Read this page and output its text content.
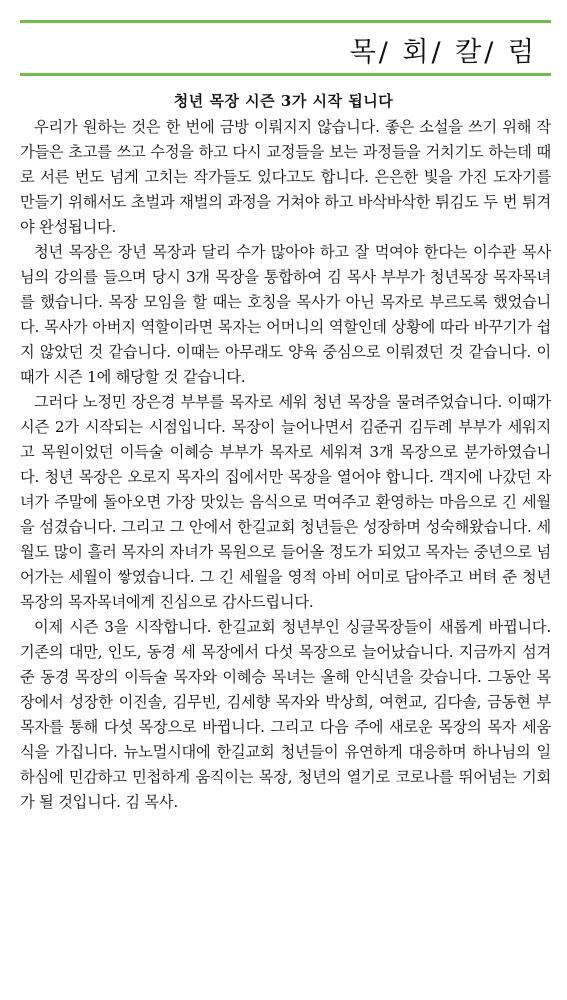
목/ 회/ 칼/ 럼
청년 목장 시즌 3가 시작 됩니다

우리가 원하는 것은 한 번에 금방 이뤄지지 않습니다. 좋은 소설을 쓰기 위해 작가들은 초고를 쓰고 수정을 하고 다시 교정들을 보는 과정들을 거치기도 하는데 때로 서른 번도 넘게 고치는 작가들도 있다고도 합니다. 은은한 빛을 가진 도자기를 만들기 위해서도 초벌과 재벌의 과정을 거쳐야 하고 바삭바삭한 튀김도 두 번 튀겨야 완성됩니다.

청년 목장은 장년 목장과 달리 수가 많아야 하고 잘 먹여야 한다는 이수관 목사님의 강의를 들으며 당시 3개 목장을 통합하여 김 목사 부부가 청년목장 목자목녀를 했습니다. 목장 모임을 할 때는 호칭을 목사가 아닌 목자로 부르도록 했었습니다. 목사가 아버지 역할이라면 목자는 어머니의 역할인데 상황에 따라 바꾸기가 쉽지 않았던 것 같습니다. 이때는 아무래도 양육 중심으로 이뤄졌던 것 같습니다. 이때가 시즌 1에 해당할 것 같습니다.

그러다 노정민 장은경 부부를 목자로 세워 청년 목장을 물려주었습니다. 이때가 시즌 2가 시작되는 시점입니다. 목장이 늘어나면서 김준귀 김두례 부부가 세워지고 목원이었던 이득술 이혜승 부부가 목자로 세워져 3개 목장으로 분가하였습니다. 청년 목장은 오로지 목자의 집에서만 목장을 열어야 합니다. 객지에 나갔던 자녀가 주말에 돌아오면 가장 맛있는 음식으로 먹여주고 환영하는 마음으로 긴 세월을 섬겼습니다. 그리고 그 안에서 한길교회 청년들은 성장하며 성숙해왔습니다. 세월도 많이 흘러 목자의 자녀가 목원으로 들어올 정도가 되었고 목자는 중년으로 넘어가는 세월이 쌓였습니다. 그 긴 세월을 영적 아비 어미로 담아주고 버텨 준 청년 목장의 목자목녀에게 진심으로 감사드립니다.

이제 시즌 3을 시작합니다. 한길교회 청년부인 싱글목장들이 새롭게 바뀝니다. 기존의 대만, 인도, 동경 세 목장에서 다섯 목장으로 늘어났습니다. 지금까지 섬겨준 동경 목장의 이득술 목자와 이혜승 목녀는 올해 안식년을 갖습니다. 그동안 목장에서 성장한 이진솔, 김무빈, 김세향 목자와 박상희, 여현교, 김다솔, 금동현 부목자를 통해 다섯 목장으로 바뀝니다. 그리고 다음 주에 새로운 목장의 목자 세움식을 가집니다. 뉴노멀시대에 한길교회 청년들이 유연하게 대응하며 하나님의 일 하심에 민감하고 민첩하게 움직이는 목장, 청년의 열기로 코로나를 뛰어넘는 기회가 될 것입니다. 김 목사.
